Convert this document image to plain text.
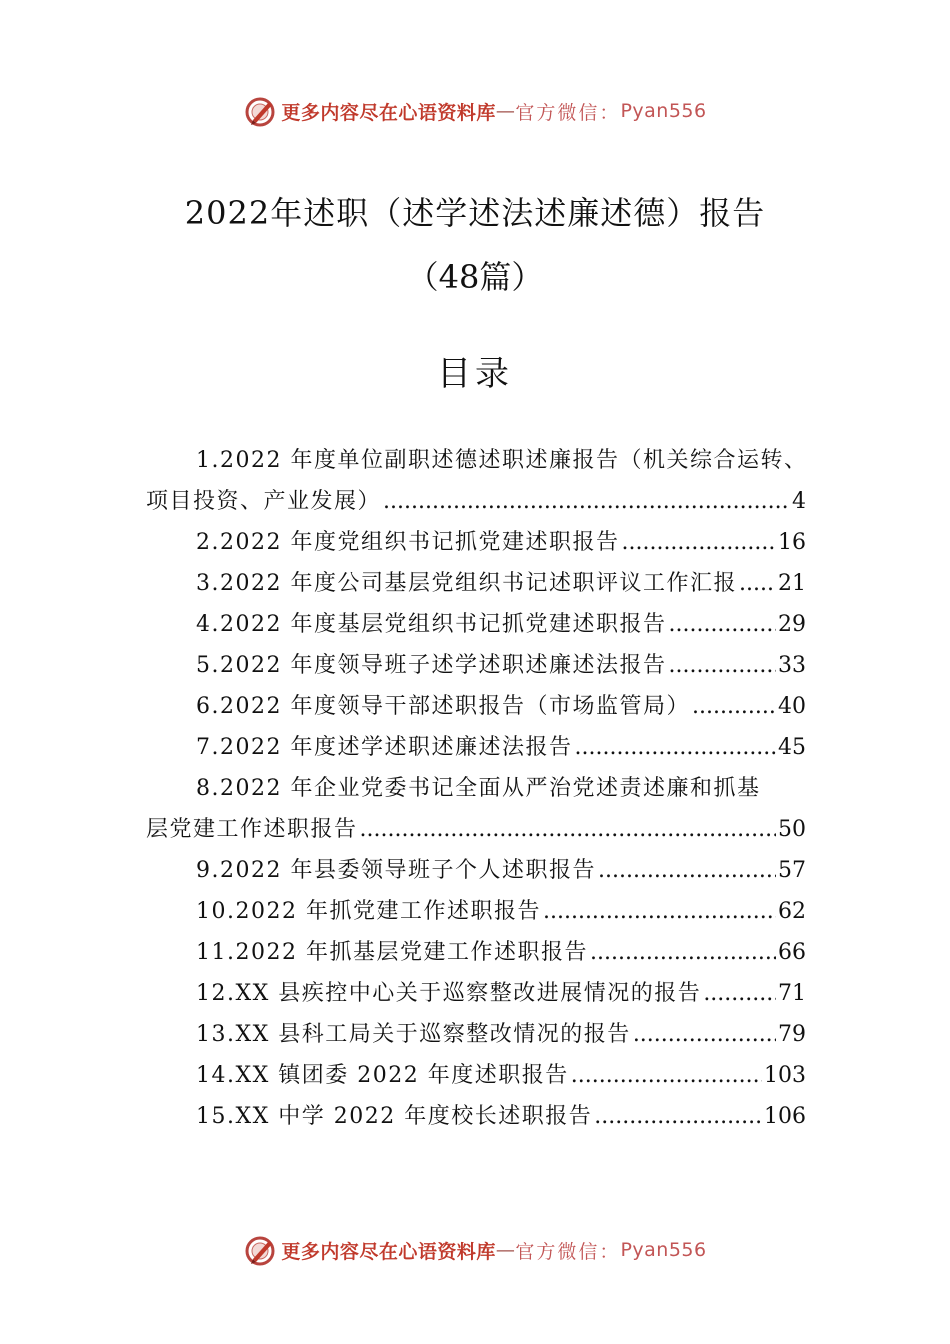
更多内容尽在心语资料库 — 官方微信： Pyan556
2022年述职（述学述法述廉述德）报告
（48篇）
目录
1.2022 年度单位副职述德述职述廉报告（机关综合运转、
项目投资、产业发展） .....	4
2.2022 年度党组织书记抓党建述职报告 .....	16
3.2022 年度公司基层党组织书记述职评议工作汇报 ..... 21
4.2022 年度基层党组织书记抓党建述职报告 .....	29
5.2022 年度领导班子述学述职述廉述法报告 .....	33
6.2022 年度领导干部述职报告（市场监管局） .....	40
7.2022 年度述学述职述廉述法报告 .....	45
8.2022 年企业党委书记全面从严治党述责述廉和抓基
层党建工作述职报告 .....	50
9.2022 年县委领导班子个人述职报告 .....	57
10.2022 年抓党建工作述职报告 .....	62
11.2022 年抓基层党建工作述职报告 .....	66
12.XX 县疾控中心关于巡察整改进展情况的报告 .....	71
13.XX 县科工局关于巡察整改情况的报告 .....	79
14.XX 镇团委 2022 年度述职报告 .....	103
15.XX 中学 2022 年度校长述职报告 .....	106
更多内容尽在心语资料库 — 官方微信： Pyan556
